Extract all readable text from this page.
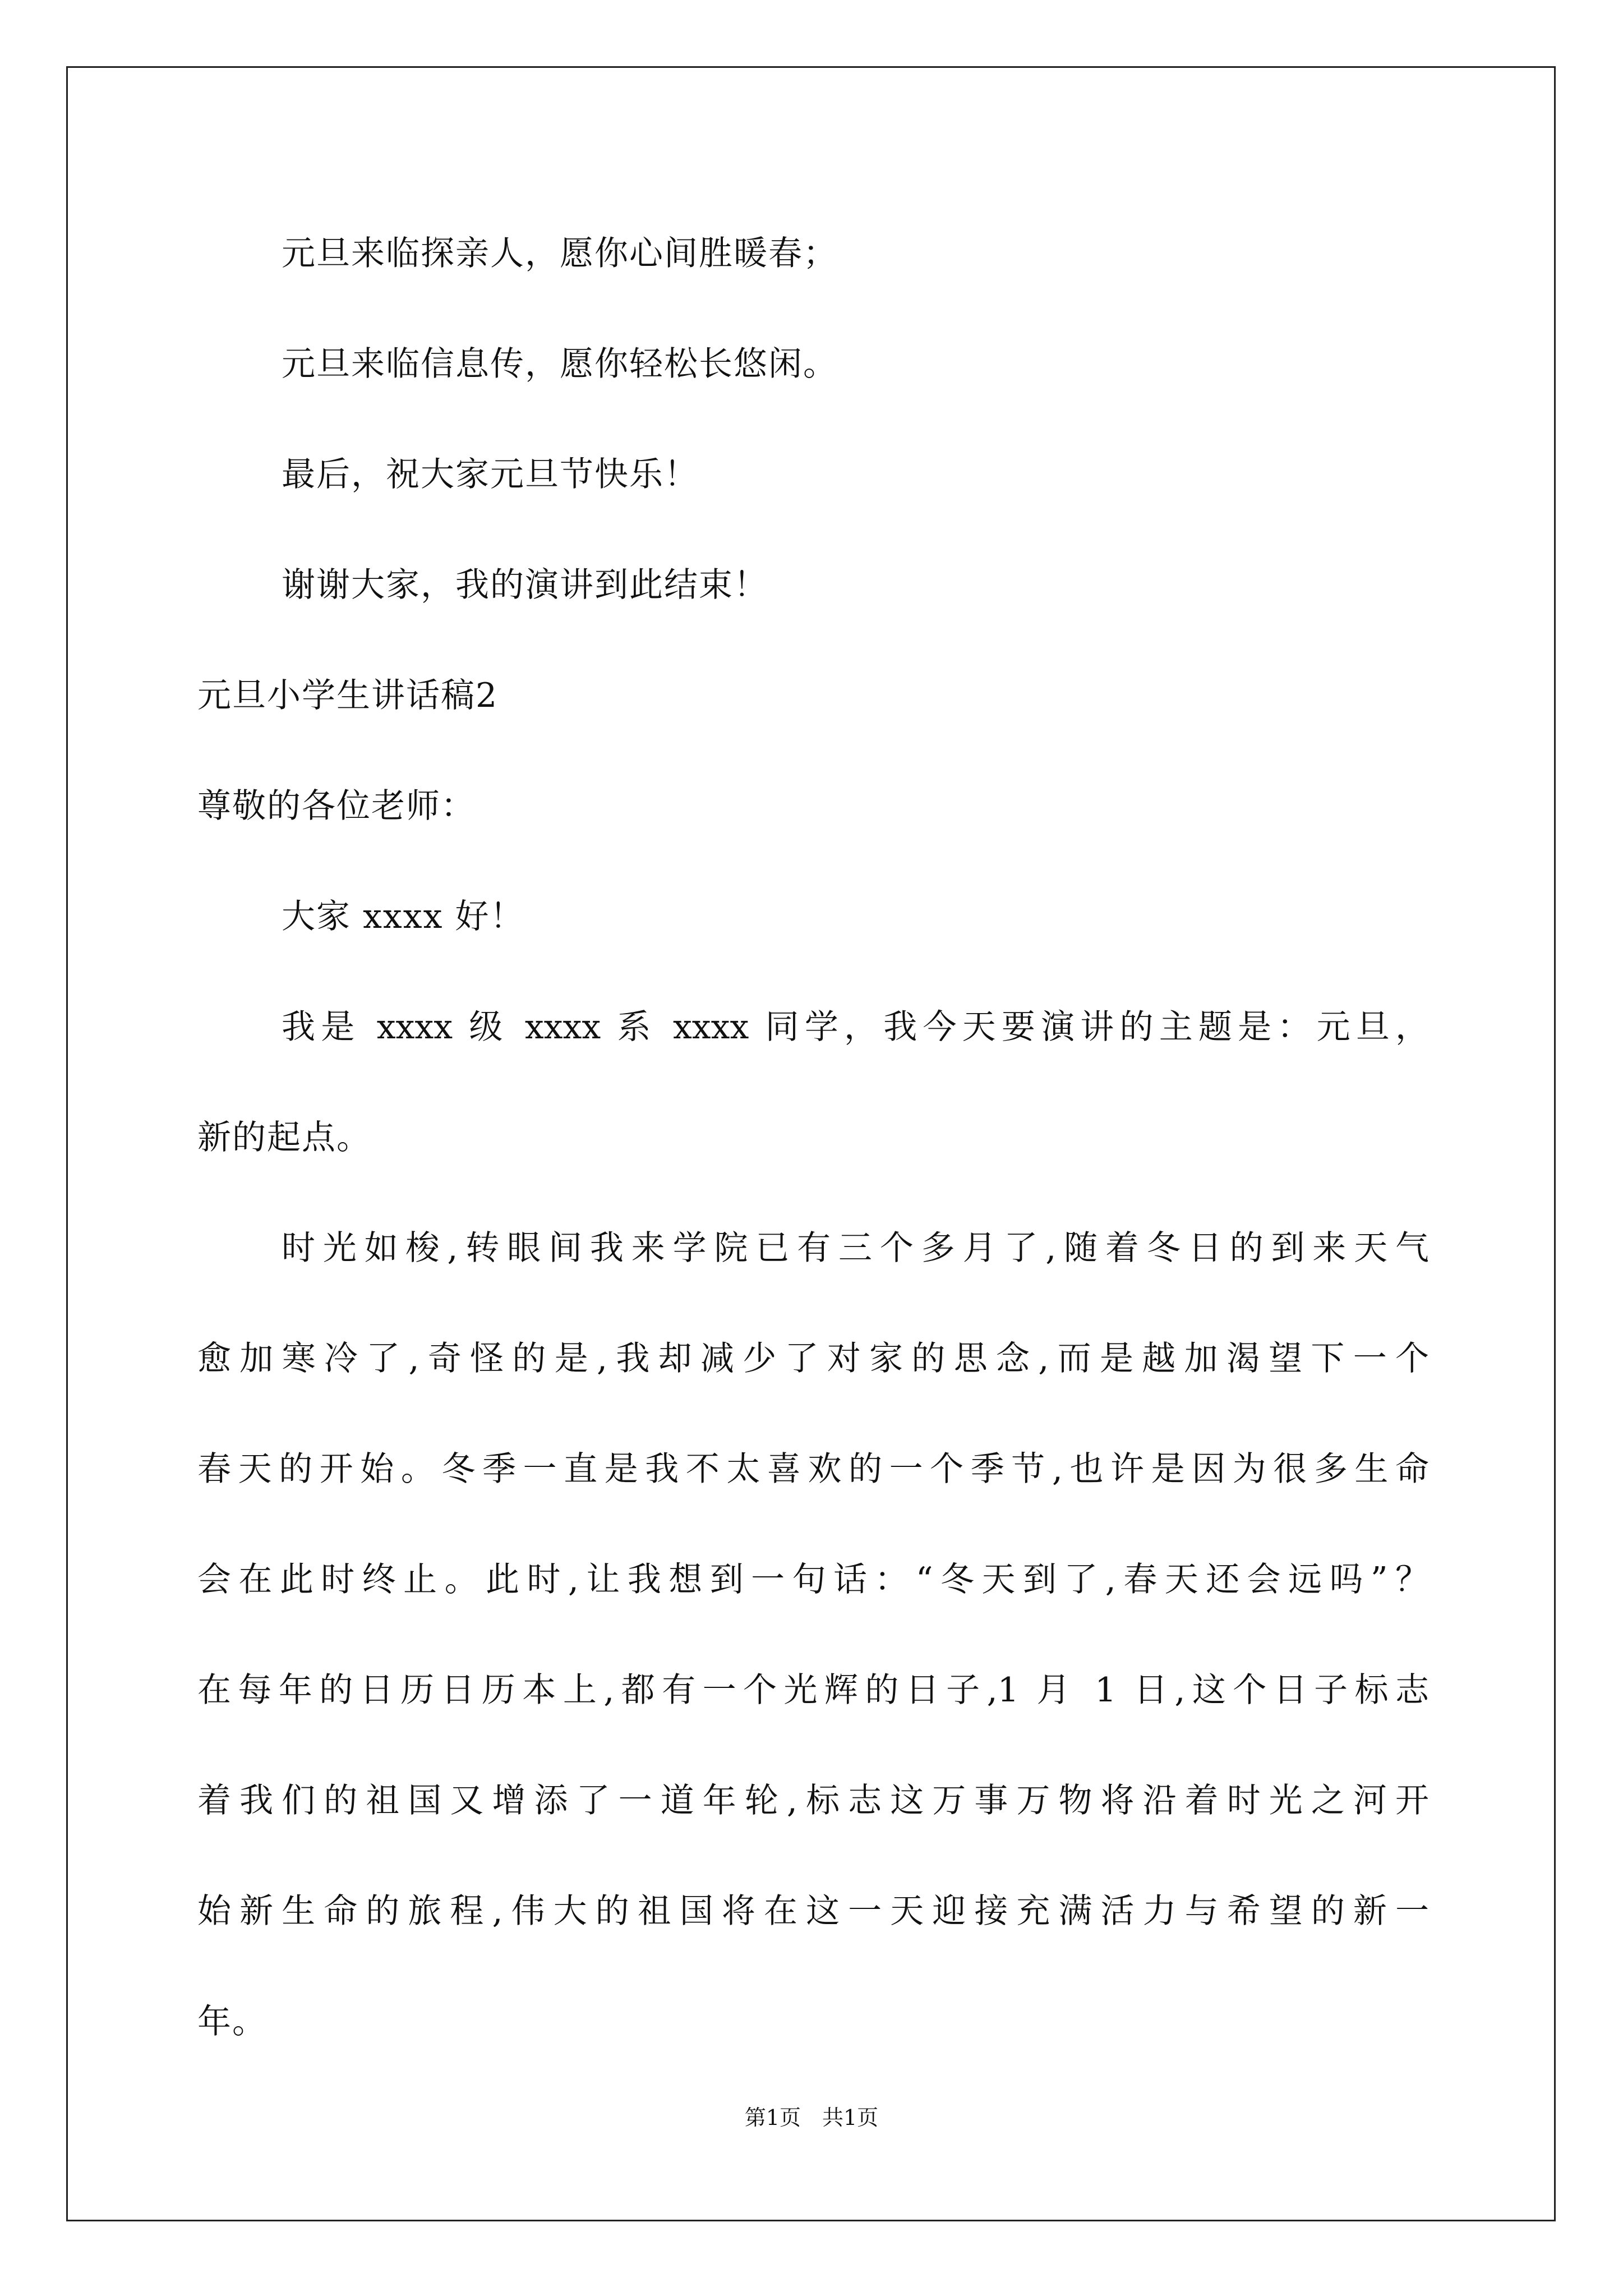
元旦来临探亲人，愿你心间胜暖春；

元旦来临信息传，愿你轻松长悠闲。

最后，祝大家元旦节快乐！

谢谢大家，我的演讲到此结束！

元旦小学生讲话稿2

尊敬的各位老师：

大家 xxxx 好！

我是 xxxx 级 xxxx 系 xxxx 同学，我今天要演讲的主题是：元旦，

新的起点。

时光如梭,转眼间我来学院已有三个多月了,随着冬日的到来天气

愈加寒冷了,奇怪的是,我却减少了对家的思念,而是越加渴望下一个

春天的开始。冬季一直是我不太喜欢的一个季节,也许是因为很多生命

会在此时终止。此时,让我想到一句话：“冬天到了,春天还会远吗”？

在每年的日历日历本上,都有一个光辉的日子,1 月 1 日,这个日子标志

着我们的祖国又增添了一道年轮,标志这万事万物将沿着时光之河开

始新生命的旅程,伟大的祖国将在这一天迎接充满活力与希望的新一

年。

第1页　共1页
